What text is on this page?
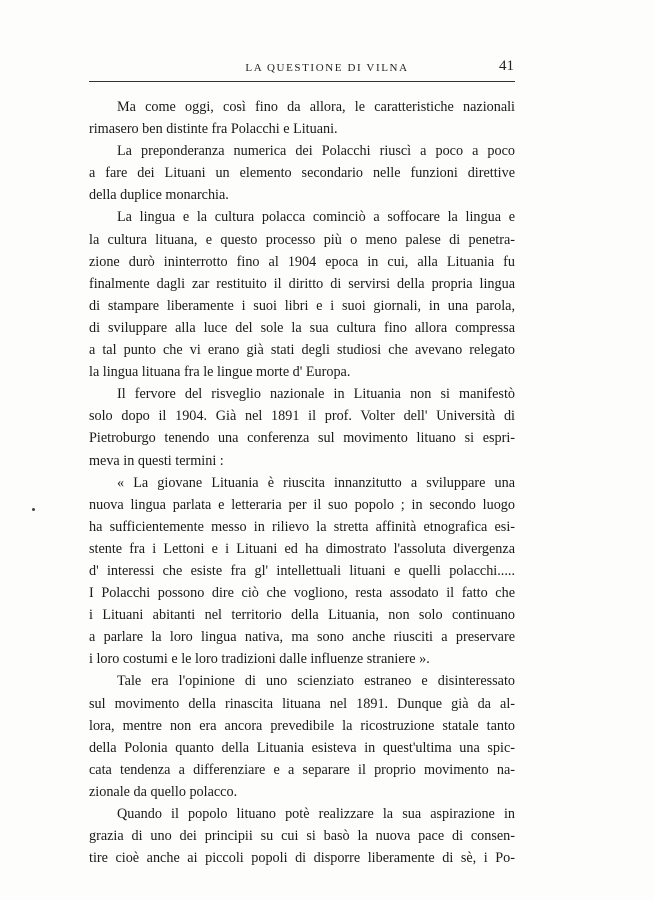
LA QUESTIONE DI VILNA	41
Ma come oggi, così fino da allora, le caratteristiche nazionali
rimasero ben distinte fra Polacchi e Lituani.
La preponderanza numerica dei Polacchi riuscì a poco a poco
a fare dei Lituani un elemento secondario nelle funzioni direttive
della duplice monarchia.
La lingua e la cultura polacca cominciò a soffocare la lingua e
la cultura lituana, e questo processo più o meno palese di penetra-
zione durò ininterrotto fino al 1904 epoca in cui, alla Lituania fu
finalmente dagli zar restituito il diritto di servirsi della propria lingua
di stampare liberamente i suoi libri e i suoi giornali, in una parola,
di sviluppare alla luce del sole la sua cultura fino allora compressa
a tal punto che vi erano già stati degli studiosi che avevano relegato
la lingua lituana fra le lingue morte d' Europa.
Il fervore del risveglio nazionale in Lituania non si manifestò
solo dopo il 1904. Già nel 1891 il prof. Volter dell' Università di
Pietroburgo tenendo una conferenza sul movimento lituano si espri-
meva in questi termini :
« La giovane Lituania è riuscita innanzitutto a sviluppare una
nuova lingua parlata e letteraria per il suo popolo ; in secondo luogo
ha sufficientemente messo in rilievo la stretta affinità etnografica esi-
stente fra i Lettoni e i Lituani ed ha dimostrato l'assoluta divergenza
d' interessi che esiste fra gl' intellettuali lituani e quelli polacchi.....
I Polacchi possono dire ciò che vogliono, resta assodato il fatto che
i Lituani abitanti nel territorio della Lituania, non solo continuano
a parlare la loro lingua nativa, ma sono anche riusciti a preservare
i loro costumi e le loro tradizioni dalle influenze straniere ».
Tale era l'opinione di uno scienziato estraneo e disinteressato
sul movimento della rinascita lituana nel 1891. Dunque già da al-
lora, mentre non era ancora prevedibile la ricostruzione statale tanto
della Polonia quanto della Lituania esisteva in quest'ultima una spic-
cata tendenza a differenziare e a separare il proprio movimento na-
zionale da quello polacco.
Quando il popolo lituano potè realizzare la sua aspirazione in
grazia di uno dei principii su cui si basò la nuova pace di consen-
tire cioè anche ai piccoli popoli di disporre liberamente di sè, i Po-
